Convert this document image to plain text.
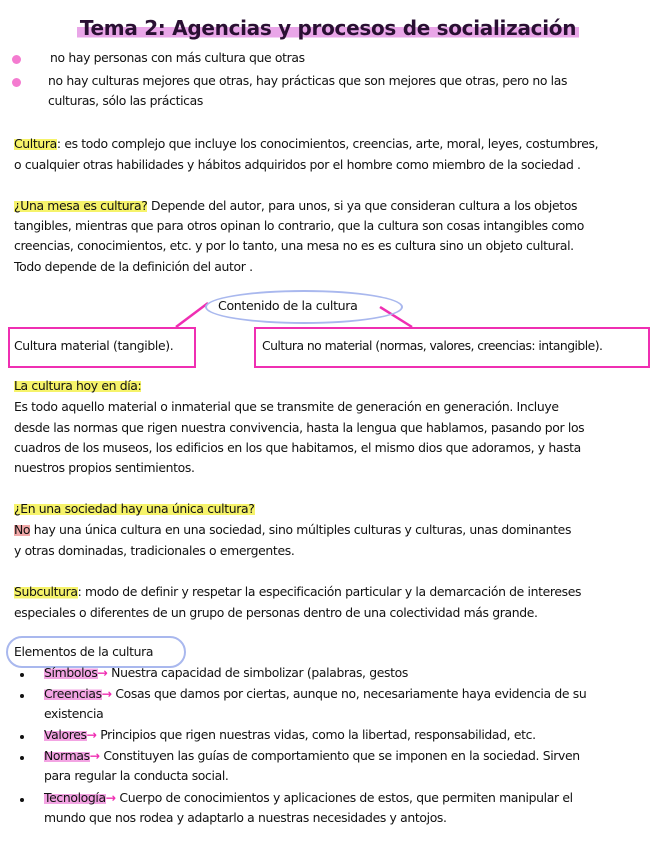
Tema 2: Agencias y procesos de socialización
no hay personas con más cultura que otras
no hay culturas mejores que otras, hay prácticas que son mejores que otras, pero no las
culturas, sólo las prácticas
Cultura: es todo complejo que incluye los conocimientos, creencias, arte, moral, leyes, costumbres,
o cualquier otras habilidades y hábitos adquiridos por el hombre como miembro de la sociedad .
¿Una mesa es cultura? Depende del autor, para unos, si ya que consideran cultura a los objetos
tangibles, mientras que para otros opinan lo contrario, que la cultura son cosas intangibles como
creencias, conocimientos, etc. y por lo tanto, una mesa no es es cultura sino un objeto cultural.
Todo depende de la definición del autor .
Contenido de la cultura
Cultura material (tangible).	Cultura no material (normas, valores, creencias: intangible).
La cultura hoy en día:
Es todo aquello material o inmaterial que se transmite de generación en generación. Incluye
desde las normas que rigen nuestra convivencia, hasta la lengua que hablamos, pasando por los
cuadros de los museos, los edificios en los que habitamos, el mismo dios que adoramos, y hasta
nuestros propios sentimientos.
¿En una sociedad hay una única cultura?
No hay una única cultura en una sociedad, sino múltiples culturas y culturas, unas dominantes
y otras dominadas, tradicionales o emergentes.
Subcultura: modo de definir y respetar la especificación particular y la demarcación de intereses
especiales o diferentes de un grupo de personas dentro de una colectividad más grande.
Elementos de la cultura
Símbolos→ Nuestra capacidad de simbolizar (palabras, gestos
Creencias→ Cosas que damos por ciertas, aunque no, necesariamente haya evidencia de su
existencia
Valores→ Principios que rigen nuestras vidas, como la libertad, responsabilidad, etc.
Normas→ Constituyen las guías de comportamiento que se imponen en la sociedad. Sirven
para regular la conducta social.
Tecnología→ Cuerpo de conocimientos y aplicaciones de estos, que permiten manipular el
mundo que nos rodea y adaptarlo a nuestras necesidades y antojos.
